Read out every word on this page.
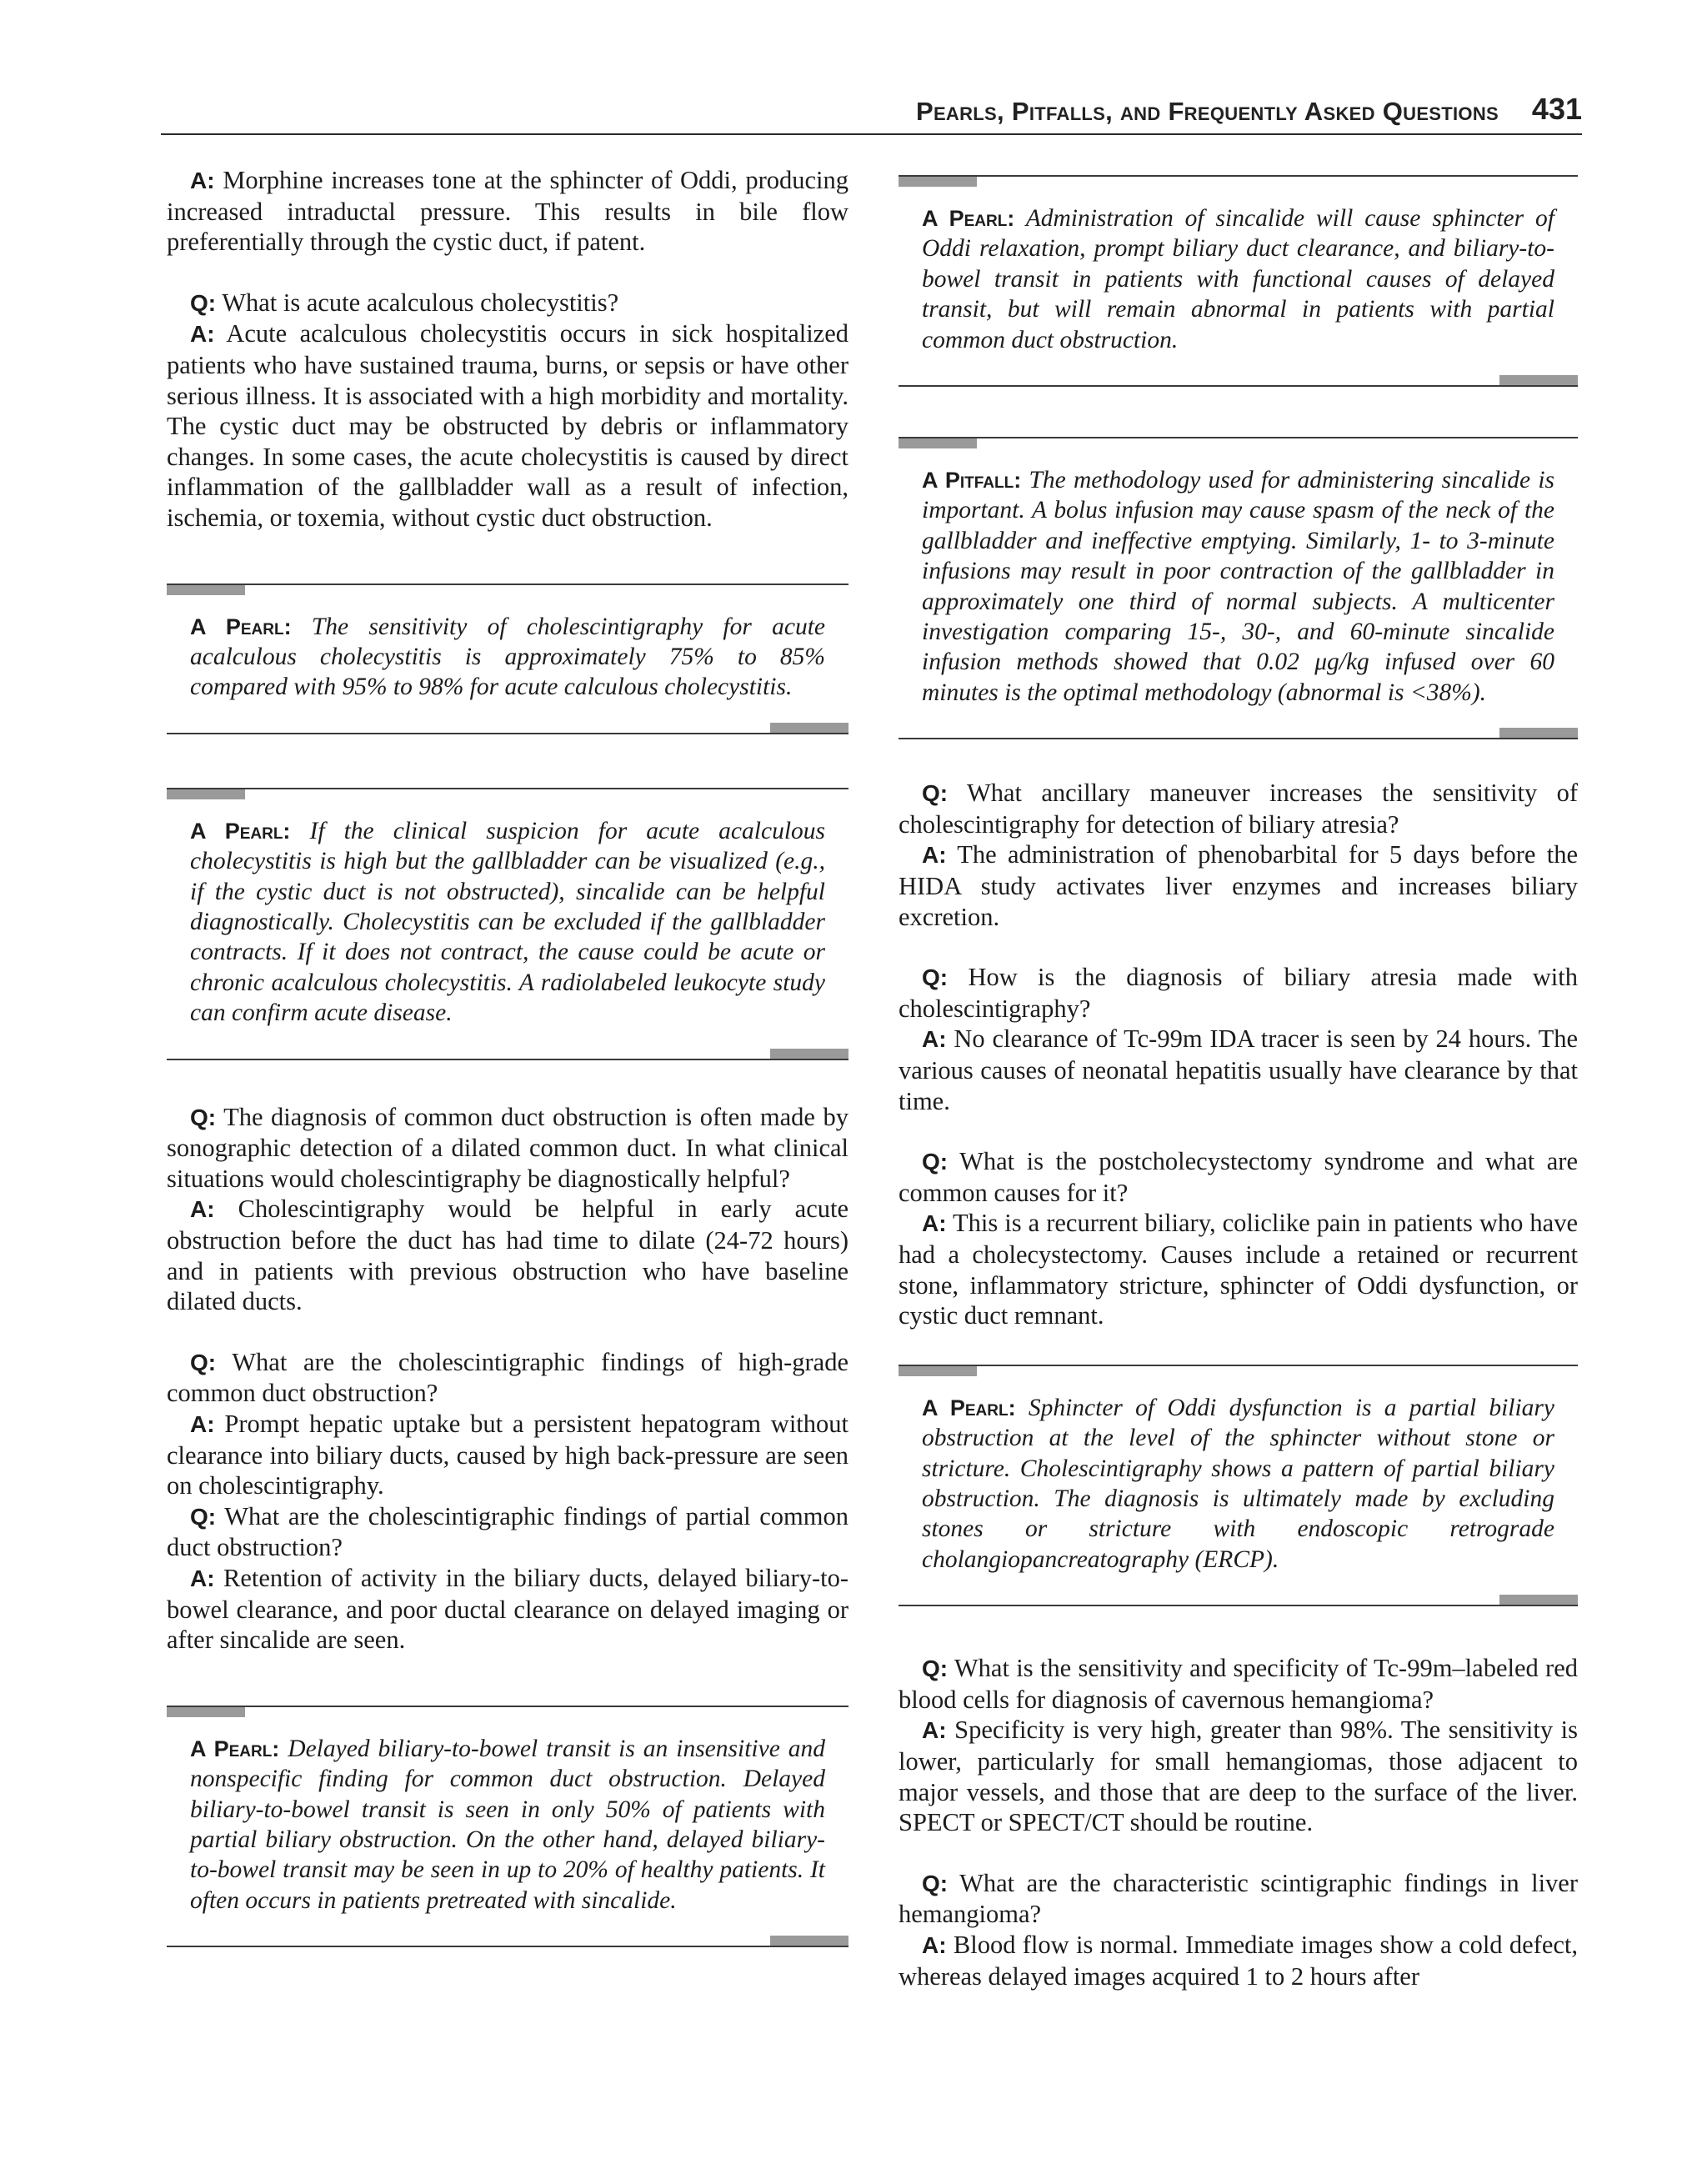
Pearls, Pitfalls, and Frequently Asked Questions 431

A: Morphine increases tone at the sphincter of Oddi, producing increased intraductal pressure. This results in bile flow preferentially through the cystic duct, if patent.

Q: What is acute acalculous cholecystitis?

A: Acute acalculous cholecystitis occurs in sick hospitalized patients who have sustained trauma, burns, or sepsis or have other serious illness. It is associated with a high morbidity and mortality. The cystic duct may be obstructed by debris or inflammatory changes. In some cases, the acute cholecystitis is caused by direct inflammation of the gallbladder wall as a result of infection, ischemia, or toxemia, without cystic duct obstruction.

A Pearl: The sensitivity of cholescintigraphy for acute acalculous cholecystitis is approximately 75% to 85% compared with 95% to 98% for acute calculous cholecystitis.

A Pearl: If the clinical suspicion for acute acalculous cholecystitis is high but the gallbladder can be visualized (e.g., if the cystic duct is not obstructed), sincalide can be helpful diagnostically. Cholecystitis can be excluded if the gallbladder contracts. If it does not contract, the cause could be acute or chronic acalculous cholecystitis. A radiolabeled leukocyte study can confirm acute disease.

Q: The diagnosis of common duct obstruction is often made by sonographic detection of a dilated common duct. In what clinical situations would cholescintigraphy be diagnostically helpful?

A: Cholescintigraphy would be helpful in early acute obstruction before the duct has had time to dilate (24-72 hours) and in patients with previous obstruction who have baseline dilated ducts.

Q: What are the cholescintigraphic findings of high-grade common duct obstruction?

A: Prompt hepatic uptake but a persistent hepatogram without clearance into biliary ducts, caused by high back-pressure are seen on cholescintigraphy.

Q: What are the cholescintigraphic findings of partial common duct obstruction?

A: Retention of activity in the biliary ducts, delayed biliary-to-bowel clearance, and poor ductal clearance on delayed imaging or after sincalide are seen.

A Pearl: Delayed biliary-to-bowel transit is an insensitive and nonspecific finding for common duct obstruction. Delayed biliary-to-bowel transit is seen in only 50% of patients with partial biliary obstruction. On the other hand, delayed biliary-to-bowel transit may be seen in up to 20% of healthy patients. It often occurs in patients pretreated with sincalide.

A Pearl: Administration of sincalide will cause sphincter of Oddi relaxation, prompt biliary duct clearance, and biliary-to-bowel transit in patients with functional causes of delayed transit, but will remain abnormal in patients with partial common duct obstruction.

A Pitfall: The methodology used for administering sincalide is important. A bolus infusion may cause spasm of the neck of the gallbladder and ineffective emptying. Similarly, 1- to 3-minute infusions may result in poor contraction of the gallbladder in approximately one third of normal subjects. A multicenter investigation comparing 15-, 30-, and 60-minute sincalide infusion methods showed that 0.02 μg/kg infused over 60 minutes is the optimal methodology (abnormal is <38%).

Q: What ancillary maneuver increases the sensitivity of cholescintigraphy for detection of biliary atresia?

A: The administration of phenobarbital for 5 days before the HIDA study activates liver enzymes and increases biliary excretion.

Q: How is the diagnosis of biliary atresia made with cholescintigraphy?

A: No clearance of Tc-99m IDA tracer is seen by 24 hours. The various causes of neonatal hepatitis usually have clearance by that time.

Q: What is the postcholecystectomy syndrome and what are common causes for it?

A: This is a recurrent biliary, coliclike pain in patients who have had a cholecystectomy. Causes include a retained or recurrent stone, inflammatory stricture, sphincter of Oddi dysfunction, or cystic duct remnant.

A Pearl: Sphincter of Oddi dysfunction is a partial biliary obstruction at the level of the sphincter without stone or stricture. Cholescintigraphy shows a pattern of partial biliary obstruction. The diagnosis is ultimately made by excluding stones or stricture with endoscopic retrograde cholangiopancreatography (ERCP).

Q: What is the sensitivity and specificity of Tc-99m–labeled red blood cells for diagnosis of cavernous hemangioma?

A: Specificity is very high, greater than 98%. The sensitivity is lower, particularly for small hemangiomas, those adjacent to major vessels, and those that are deep to the surface of the liver. SPECT or SPECT/CT should be routine.

Q: What are the characteristic scintigraphic findings in liver hemangioma?

A: Blood flow is normal. Immediate images show a cold defect, whereas delayed images acquired 1 to 2 hours after
